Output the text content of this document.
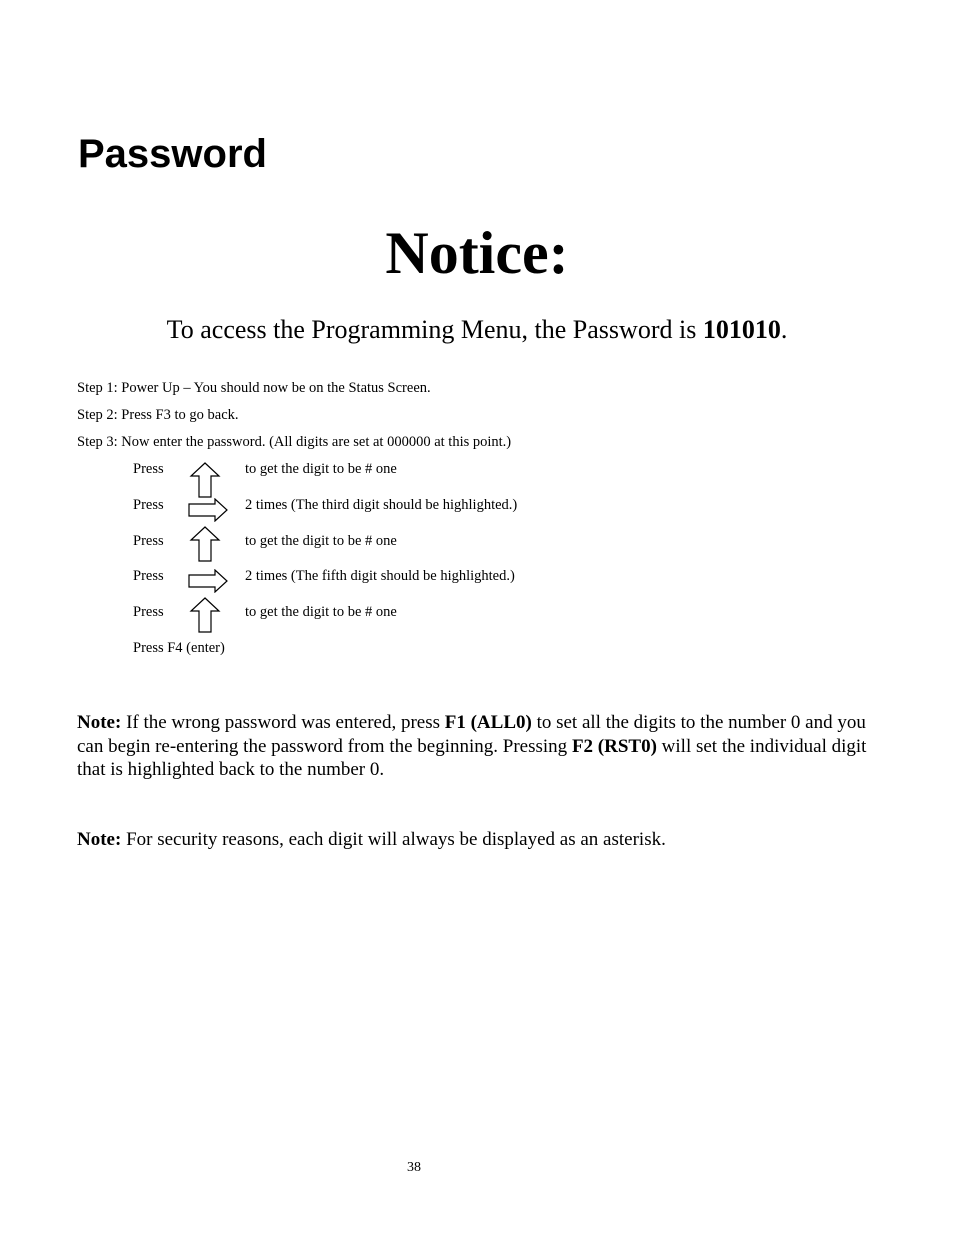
Password
Notice:

To access the Programming Menu, the Password is 101010.

Step 1: Power Up – You should now be on the Status Screen.

Step 2: Press F3 to go back.

Step 3: Now enter the password. (All digits are set at 000000 at this point.)

Press	to get the digit to be # one
Press	2 times (The third digit should be highlighted.)
Press	to get the digit to be # one
Press	2 times (The fifth digit should be highlighted.)
Press	to get the digit to be # one

Press F4 (enter)

Note: If the wrong password was entered, press F1 (ALL0) to set all the digits to the number 0 and you can begin re-entering the password from the beginning. Pressing F2 (RST0) will set the individual digit that is highlighted back to the number 0.

Note: For security reasons, each digit will always be displayed as an asterisk.

38
